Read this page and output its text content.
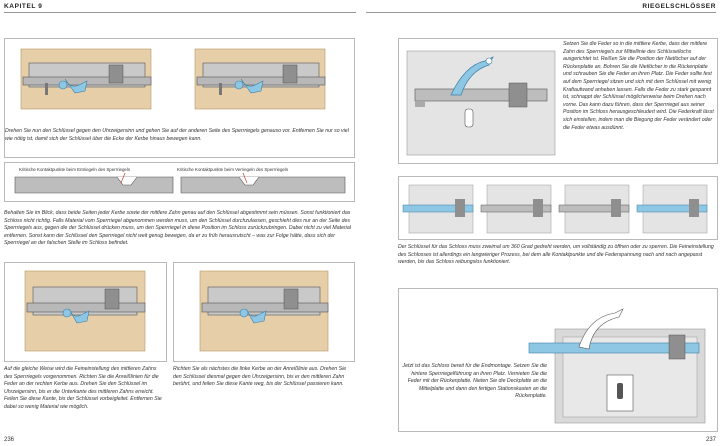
KAPITEL 9	RIEGELSCHLÖSSER
Drehen Sie nun den Schlüssel gegen den Uhrzeigersinn und gehen Sie auf der anderen Seite des Sperrriegels genauso vor. Entfernen Sie nur so viel wie nötig ist, damit sich der Schlüssel über die Ecke der Kerbe hinaus bewegen kann.
Kritische Kontaktpunkte beim Entriegeln des Sperrriegels	Kritische Kontaktpunkte beim Verriegeln des Sperrriegels
Behalten Sie im Blick, dass beide Seiten jeder Kerbe sowie der mittlere Zahn genau auf den Schlüssel abgestimmt sein müssen. Sonst funktioniert das Schloss nicht richtig. Falls Material vom Sperrriegel abgenommen werden muss, um den Schlüssel durchzulassen, geschieht dies nur an der Seite des Sperrriegels aus, gegen die der Schlüssel drücken muss, um den Sperrriegel in diese Position im Schloss zurückzubringen. Dabei nicht zu viel Material entfernen. Sonst kann der Schlüssel den Sperrriegel nicht weit genug bewegen, da er zu früh herausrutscht – was zur Folge hätte, dass sich der Sperrriegel an der falschen Stelle im Schloss befindet.
Auf die gleiche Weise wird die Feineinstellung des mittleren Zahns des Sperrriegels vorgenommen. Richten Sie die Anreißlinien für die Feder an der rechten Kerbe aus. Drehen Sie den Schlüssel im Uhrzeigersinn, bis er die Unterkante des mittleren Zahns erreicht. Feilen Sie diese Kante, bis der Schlüssel vorbeigleitet. Entfernen Sie dabei so wenig Material wie möglich.
Richten Sie als nächstes die linke Kerbe an der Anreißlinie aus. Drehen Sie den Schlüssel diesmal gegen den Uhrzeigersinn, bis er den mittleren Zahn berührt, und feilen Sie diese Kante weg, bis der Schlüssel passieren kann.
236
Setzen Sie die Feder so in die mittlere Kerbe, dass der mittlere Zahn des Sperrriegels zur Mittellinie des Schlüssellochs ausgerichtet ist. Reißen Sie die Position der Nietlöcher auf der Rückenplatte an. Bohren Sie die Nietlöcher in die Rückenplatte und schrauben Sie die Feder an ihren Platz. Die Feder sollte fest auf dem Sperrriegel sitzen und sich mit dem Schlüssel mit wenig Kraftaufwand anheben lassen. Falls die Feder zu stark gespannt ist, schnappt der Schlüssel möglicherweise beim Drehen nach vorne. Das kann dazu führen, dass der Sperrriegel aus seiner Position im Schloss herausgeschleudert wird. Die Federkraft lässt sich einstellen, indem man die Biegung der Feder verändert oder die Feder etwas ausdünnt.
Der Schlüssel für das Schloss muss zweimal um 360 Grad gedreht werden, um vollständig zu öffnen oder zu sperren. Die Feineinstellung des Schlosses ist allerdings ein langwieriger Prozess, bei dem alle Kontaktpunkte und die Federspannung nach und nach angepasst werden, bis das Schloss reibungslos funktioniert.
Jetzt ist das Schloss bereit für die Endmontage. Setzen Sie die hintere Sperrriegelführung an ihren Platz. Vernieten Sie die Feder mit der Rückenplatte. Nieten Sie die Deckplatte an die Mittelplatte und dann den fertigen Stationskasten an die Rückenplatte.
237
